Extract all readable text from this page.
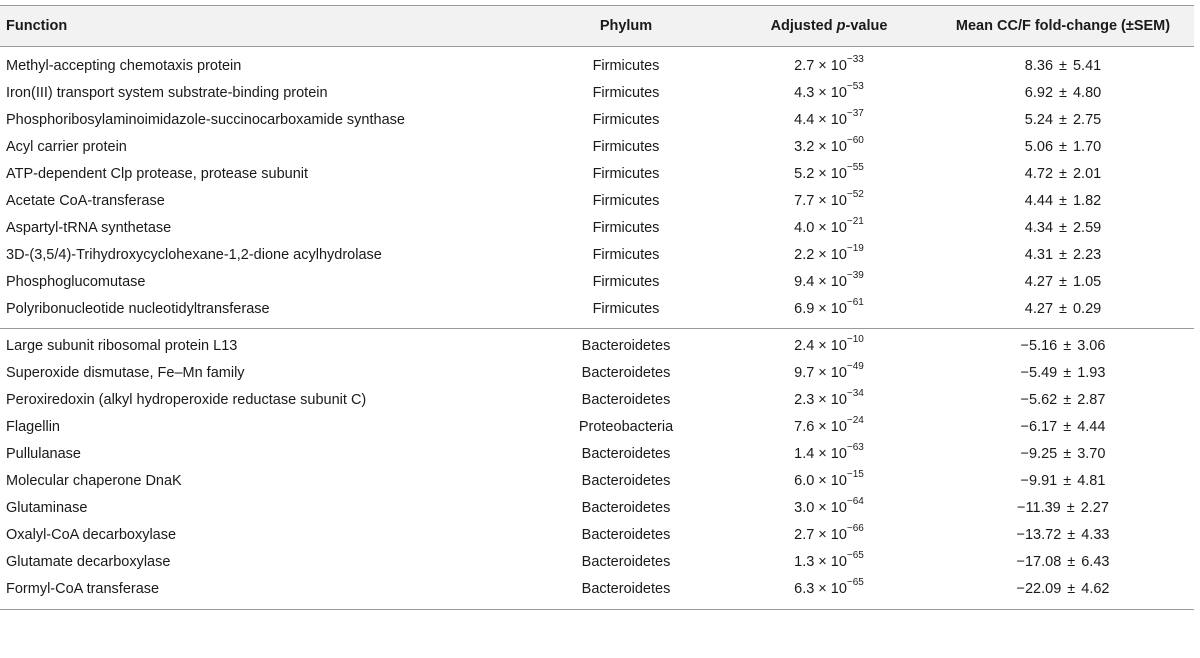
Function	Phylum	Adjusted p-value	Mean CC/F fold-change (±SEM)
Methyl-accepting chemotaxis protein	Firmicutes	$2.7 \times 10^{-33}$	8.36 ± 5.41
Iron(III) transport system substrate-binding protein	Firmicutes	$4.3 \times 10^{-53}$	6.92 ± 4.80
Phosphoribosylaminoimidazole-succinocarboxamide synthase	Firmicutes	$4.4 \times 10^{-37}$	5.24 ± 2.75
Acyl carrier protein	Firmicutes	$3.2 \times 10^{-60}$	5.06 ± 1.70
ATP-dependent Clp protease, protease subunit	Firmicutes	$5.2 \times 10^{-55}$	4.72 ± 2.01
Acetate CoA-transferase	Firmicutes	$7.7 \times 10^{-52}$	4.44 ± 1.82
Aspartyl-tRNA synthetase	Firmicutes	$4.0 \times 10^{-21}$	4.34 ± 2.59
3D-(3,5/4)-Trihydroxycyclohexane-1,2-dione acylhydrolase	Firmicutes	$2.2 \times 10^{-19}$	4.31 ± 2.23
Phosphoglucomutase	Firmicutes	$9.4 \times 10^{-39}$	4.27 ± 1.05
Polyribonucleotide nucleotidyltransferase	Firmicutes	$6.9 \times 10^{-61}$	4.27 ± 0.29
Large subunit ribosomal protein L13	Bacteroidetes	$2.4 \times 10^{-10}$	−5.16 ± 3.06
Superoxide dismutase, Fe–Mn family	Bacteroidetes	$9.7 \times 10^{-49}$	−5.49 ± 1.93
Peroxiredoxin (alkyl hydroperoxide reductase subunit C)	Bacteroidetes	$2.3 \times 10^{-34}$	−5.62 ± 2.87
Flagellin	Proteobacteria	$7.6 \times 10^{-24}$	−6.17 ± 4.44
Pullulanase	Bacteroidetes	$1.4 \times 10^{-63}$	−9.25 ± 3.70
Molecular chaperone DnaK	Bacteroidetes	$6.0 \times 10^{-15}$	−9.91 ± 4.81
Glutaminase	Bacteroidetes	$3.0 \times 10^{-64}$	−11.39 ± 2.27
Oxalyl-CoA decarboxylase	Bacteroidetes	$2.7 \times 10^{-66}$	−13.72 ± 4.33
Glutamate decarboxylase	Bacteroidetes	$1.3 \times 10^{-65}$	−17.08 ± 6.43
Formyl-CoA transferase	Bacteroidetes	$6.3 \times 10^{-65}$	−22.09 ± 4.62
